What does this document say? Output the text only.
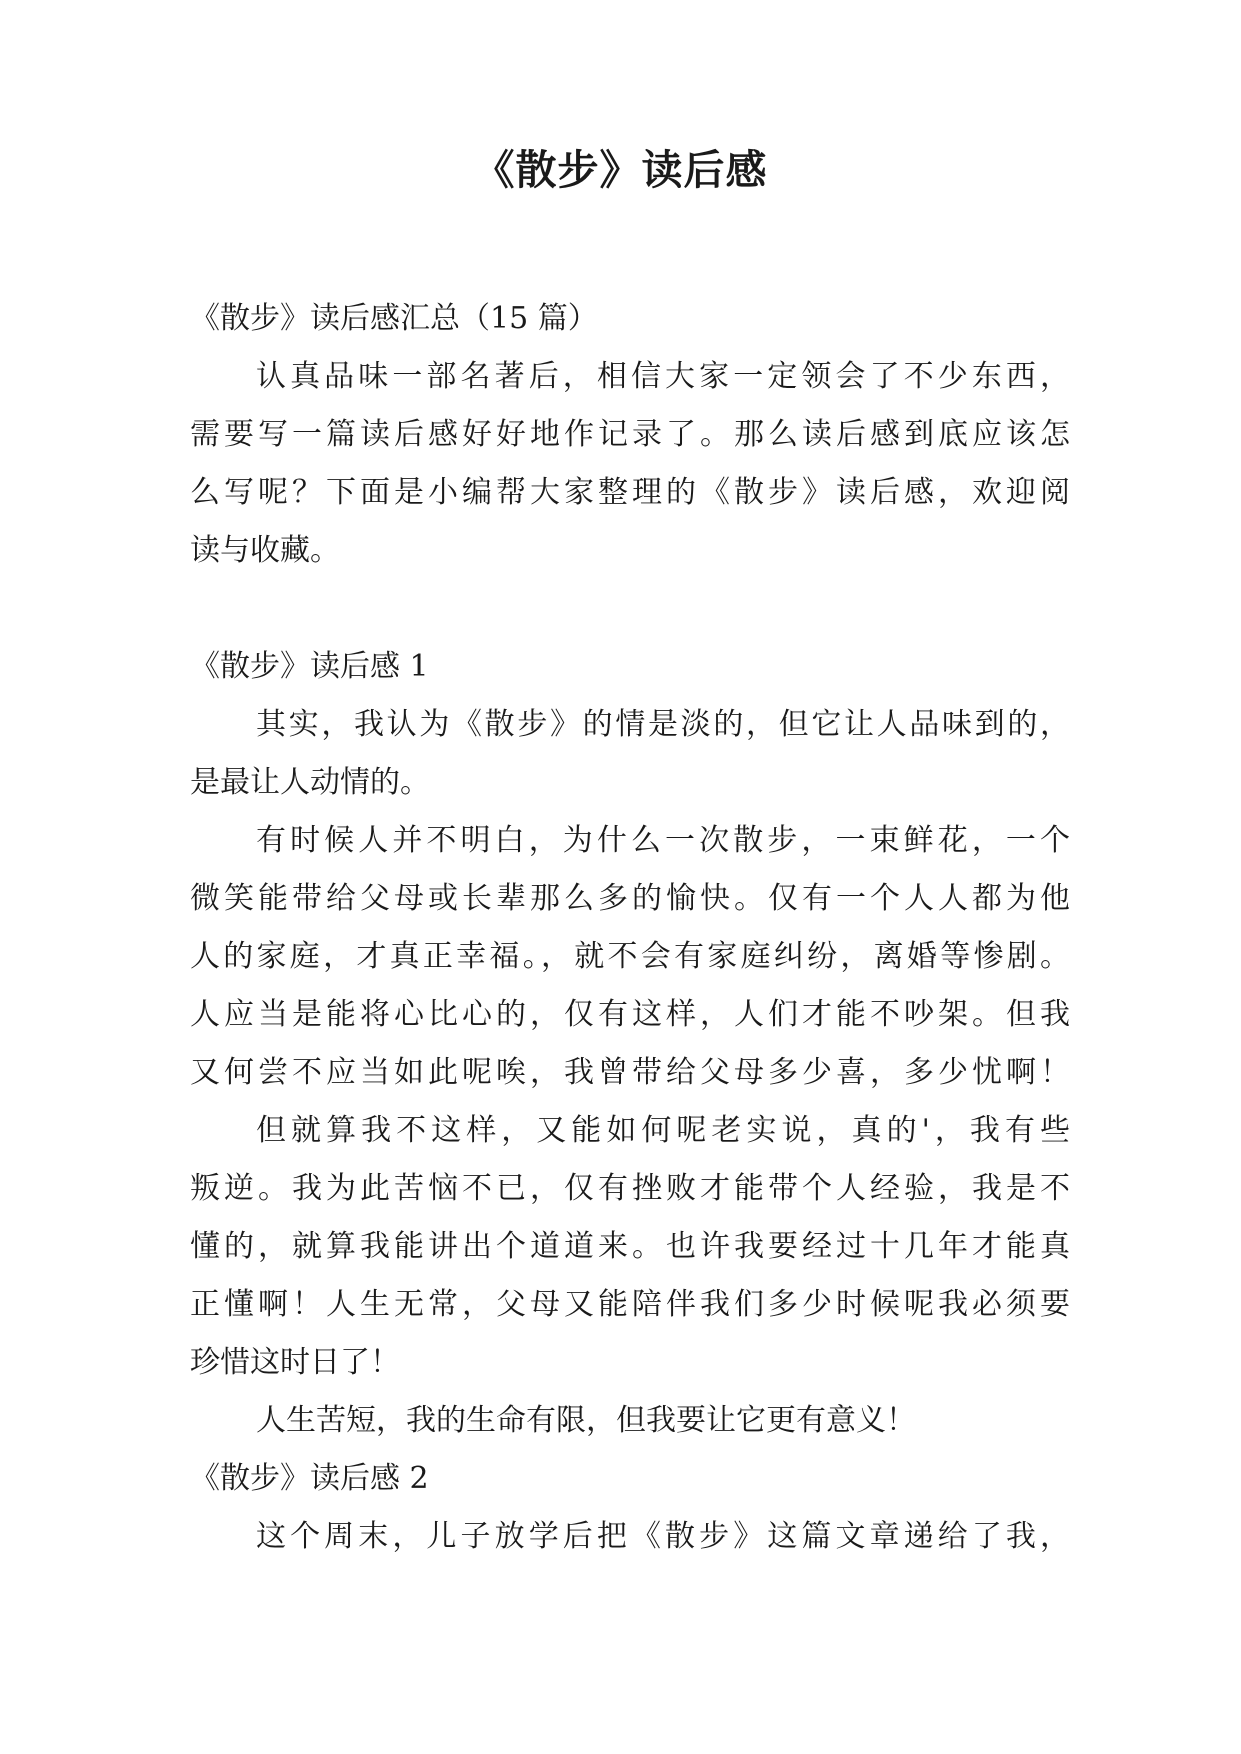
《散步》读后感
《散步》读后感汇总（15 篇）
认真品味一部名著后，相信大家一定领会了不少东西，
需要写一篇读后感好好地作记录了。那么读后感到底应该怎
么写呢？下面是小编帮大家整理的《散步》读后感，欢迎阅
读与收藏。
《散步》读后感 1
其实，我认为《散步》的情是淡的，但它让人品味到的，
是最让人动情的。
有时候人并不明白，为什么一次散步，一束鲜花，一个
微笑能带给父母或长辈那么多的愉快。仅有一个人人都为他
人的家庭，才真正幸福。，就不会有家庭纠纷，离婚等惨剧。
人应当是能将心比心的，仅有这样，人们才能不吵架。但我
又何尝不应当如此呢唉，我曾带给父母多少喜，多少忧啊！
但就算我不这样，又能如何呢老实说，真的'，我有些
叛逆。我为此苦恼不已，仅有挫败才能带个人经验，我是不
懂的，就算我能讲出个道道来。也许我要经过十几年才能真
正懂啊！人生无常，父母又能陪伴我们多少时候呢我必须要
珍惜这时日了！
人生苦短，我的生命有限，但我要让它更有意义！
《散步》读后感 2
这个周末，儿子放学后把《散步》这篇文章递给了我，
